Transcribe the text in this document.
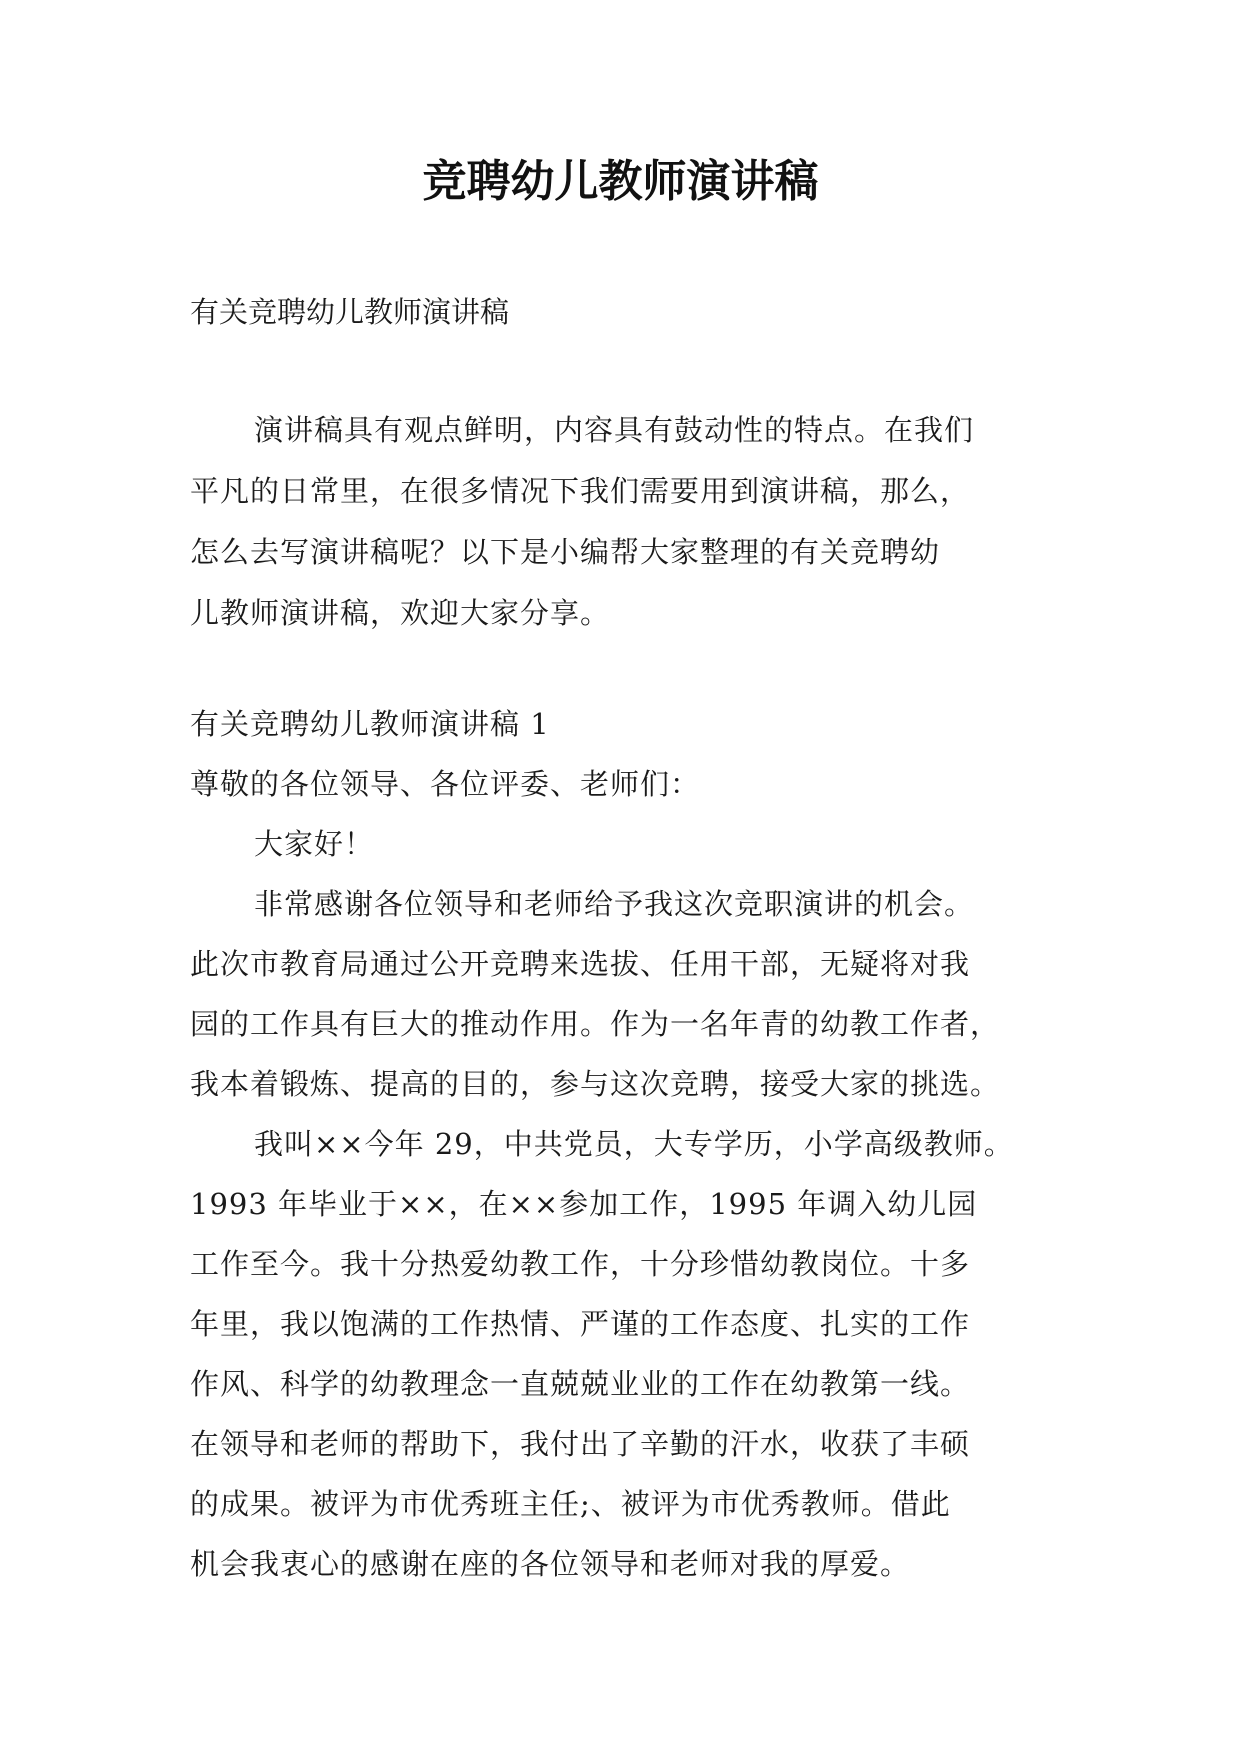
竞聘幼儿教师演讲稿

有关竞聘幼儿教师演讲稿

演讲稿具有观点鲜明，内容具有鼓动性的特点。在我们
平凡的日常里，在很多情况下我们需要用到演讲稿，那么，
怎么去写演讲稿呢？以下是小编帮大家整理的有关竞聘幼
儿教师演讲稿，欢迎大家分享。
有关竞聘幼儿教师演讲稿 1
尊敬的各位领导、各位评委、老师们：
大家好！
非常感谢各位领导和老师给予我这次竞职演讲的机会。
此次市教育局通过公开竞聘来选拔、任用干部，无疑将对我
园的工作具有巨大的推动作用。作为一名年青的幼教工作者，
我本着锻炼、提高的目的，参与这次竞聘，接受大家的挑选。
我叫××今年 29，中共党员，大专学历，小学高级教师。
1993 年毕业于××，在××参加工作，1995 年调入幼儿园
工作至今。我十分热爱幼教工作，十分珍惜幼教岗位。十多
年里，我以饱满的工作热情、严谨的工作态度、扎实的工作
作风、科学的幼教理念一直兢兢业业的工作在幼教第一线。
在领导和老师的帮助下，我付出了辛勤的汗水，收获了丰硕
的成果。被评为市优秀班主任;、被评为市优秀教师。借此
机会我衷心的感谢在座的各位领导和老师对我的厚爱。
